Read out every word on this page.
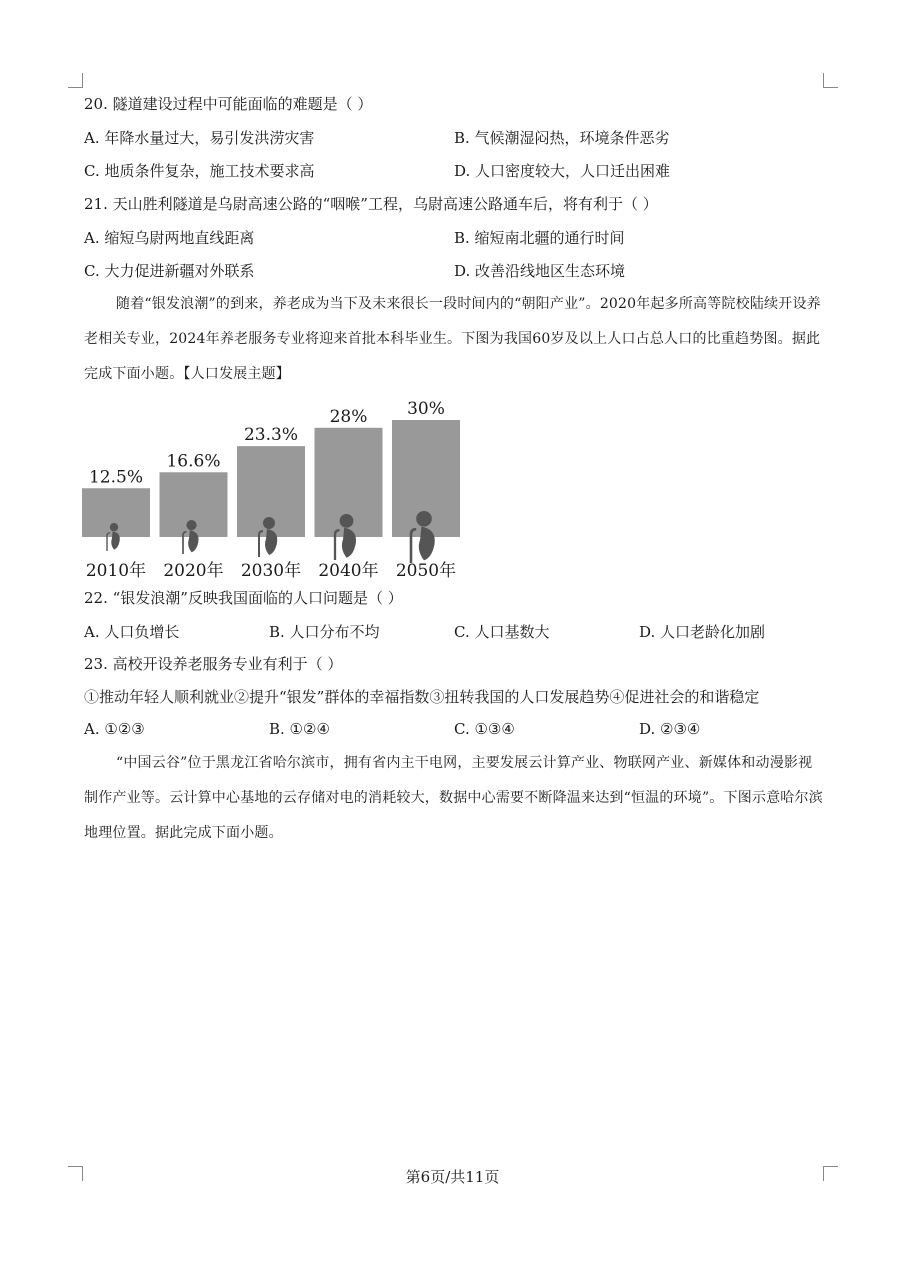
20. 隧道建设过程中可能面临的难题是（ ）
A. 年降水量过大，易引发洪涝灾害	B. 气候潮湿闷热，环境条件恶劣
C. 地质条件复杂，施工技术要求高	D. 人口密度较大，人口迁出困难
21. 天山胜利隧道是乌尉高速公路的“咽喉”工程，乌尉高速公路通车后，将有利于（ ）
A. 缩短乌尉两地直线距离	B. 缩短南北疆的通行时间
C. 大力促进新疆对外联系	D. 改善沿线地区生态环境
随着“银发浪潮”的到来，养老成为当下及未来很长一段时间内的“朝阳产业”。2020年起多所高等院校陆续开设养老相关专业，2024年养老服务专业将迎来首批本科毕业生。下图为我国60岁及以上人口占总人口的比重趋势图。据此完成下面小题。【人口发展主题】
12.5%
2010年
16.6%
2020年
23.3%
2030年
28%
2040年
30%
2050年
22. “银发浪潮”反映我国面临的人口问题是（ ）
A. 人口负增长	B. 人口分布不均	C. 人口基数大	D. 人口老龄化加剧
23. 高校开设养老服务专业有利于（ ）
①推动年轻人顺利就业②提升“银发”群体的幸福指数③扭转我国的人口发展趋势④促进社会的和谐稳定
A. ①②③	B. ①②④	C. ①③④	D. ②③④
“中国云谷”位于黑龙江省哈尔滨市，拥有省内主干电网，主要发展云计算产业、物联网产业、新媒体和动漫影视制作产业等。云计算中心基地的云存储对电的消耗较大，数据中心需要不断降温来达到“恒温的环境”。下图示意哈尔滨地理位置。据此完成下面小题。
第6页/共11页
